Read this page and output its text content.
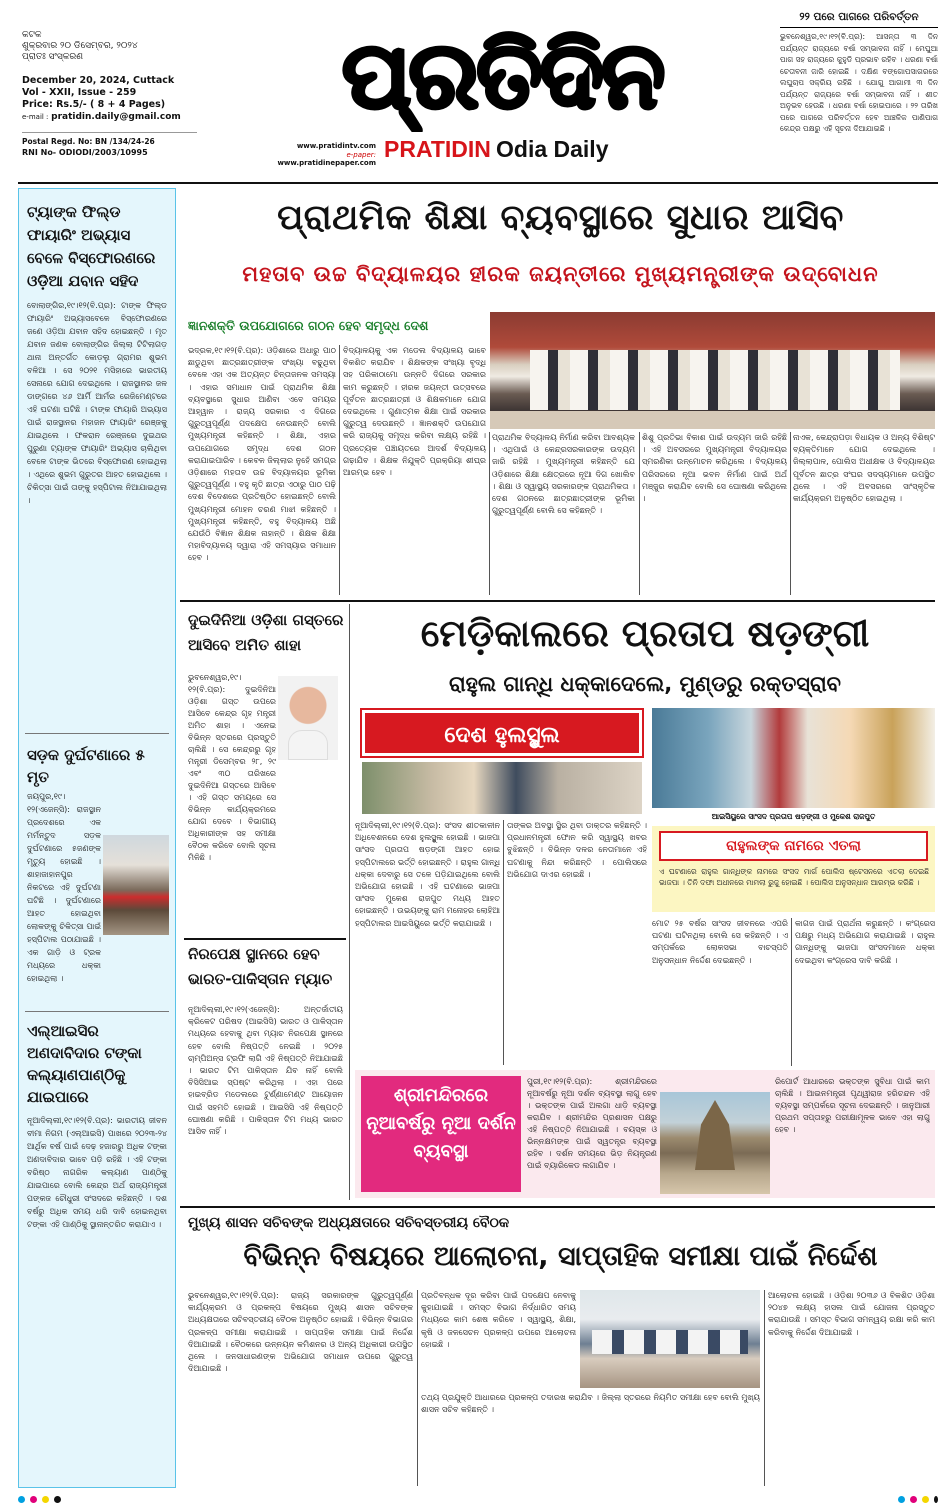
କଟକ
ଶୁକ୍ରବାର ୨୦ ଡିସେମ୍ବର, ୨୦୨୪
ପ୍ରାତଃ ସଂସ୍କରଣ
December 20, 2024, Cuttack
Vol - XXII, Issue - 259
Price: Rs.5/- ( 8 + 4 Pages)
e-mail : pratidin.daily@gmail.com
Postal Regd. No: BN /134/24-26
RNI No- ODIODI/2003/10995
ପ୍ରତିଦିନ
www.pratidintv.com
e-paper:
www.pratidinepaper.com
PRATIDIN Odia Daily
୨୨ ପରେ ପାଗରେ ପରିବର୍ତ୍ତନ
ଭୁବନେଶ୍ୱର,୧୯।୧୨(ବି.ପ୍ର): ଆସନ୍ତା ୩ ଦିନ ପର୍ଯ୍ୟନ୍ତ ରାଜ୍ୟରେ ବର୍ଷା ସମ୍ଭାବନା ନାହିଁ । ମେଘୁଆ ପାଗ ସହ ରାଜ୍ୟରେ କୁହୁଡି ପ୍ରଭାବ ରହିବ । ଧରଣା ବର୍ଷା ଚେତାବନୀ ଜାରି ହୋଇଛି । ଦକ୍ଷିଣ ବଙ୍ଗୋପସାଗରରେ ଲଘୁଚାପ ସକ୍ରିୟ ରହିଛି । ଯୋଗୁ ଆଗାମୀ ୩ ଦିନ ପର୍ଯ୍ୟନ୍ତ ରାଜ୍ୟରେ ବର୍ଷା ସମ୍ଭାବନା ନାହିଁ । ଶୀତ ଅନୁଭବ ହେଉଛି । ଧରଣା ବର୍ଷା ହୋଇପାରେ । ୨୨ ତାରିଖ ପରେ ପାଗରେ ପରିବର୍ତ୍ତନ ହେବ ଆଞ୍ଚଳିକ ପାଣିପାଗ କେନ୍ଦ୍ର ପକ୍ଷରୁ ଏହି ସୂଚନା ଦିଆଯାଇଛି ।
ଟ୍ୟାଙ୍କ ଫିଲ୍ଡ ଫାୟାରିଂ ଅଭ୍ୟାସ ବେଳେ ବିସ୍ଫୋରଣରେ ଓଡ଼ିଆ ଯବାନ ସହିଦ
ବୋଲାଙ୍ଗିର,୧୯।୧୨(ବି.ପ୍ର): ଟାଙ୍କ ଫିଲ୍ଡ ଫାୟାରିଂ ଅଭ୍ୟାସବେଳେ ବିସ୍ଫୋରଣରେ ଜଣେ ଓଡ଼ିଆ ଯବାନ ସହିଦ ହୋଇଛନ୍ତି । ମୃତ ଯବାନ ଜଣକ ବୋଲାଙ୍ଗିର ଜିଲ୍ଲା ଟିଟିଲାଗଡ଼ ଥାନା ଅନ୍ତର୍ଗତ କୋଡ଼ଲୁ ଗ୍ରାମର ଶୁଭମ ବଳିଆ । ସେ ୨୦୨୧ ମସିହାରେ ଭାରତୀୟ ସେନାରେ ଯୋଗ ଦେଇଥିଲେ । ରାଜସ୍ଥାନର ଜଳ ଡାଙ୍ଗରେ ୪୬ ଆର୍ମି ଆର୍ମର ରେଜିମେଣ୍ଟରେ ଏହି ଘଟଣା ଘଟିଛି । ଟାଙ୍କ ଫାୟାରି ଅଭ୍ୟାସ ପାଇଁ ରାଜସ୍ଥାନର ମହାଜନ ଫାୟାରିଂ ରେଞ୍ଜକୁ ଯାଇଥିଲେ । ଫକରାନ ରେଞ୍ଜରେ ଦୁଇଥର ପୁରୁଣା ଟ୍ୟାଙ୍କ ଫାୟାରିଂ ଅଭ୍ୟାସ ଚାଲିଥିବା ବେଳେ ଟାଙ୍କ ଭିତରେ ବିସ୍ଫୋରଣ ହୋଇଥିଲା । ଏଥିରେ ଶୁଭମ ଗୁରୁତର ଆହତ ହୋଇଥିଲେ । ଚିକିତ୍ସା ପାଇଁ ତାଙ୍କୁ ହସ୍ପିଟାଲ ନିଆଯାଇଥିଲା ।
ସଡ଼କ ଦୁର୍ଘଟଣାରେ ୫ ମୃତ
ଜୟପୁର,୧୯।୧୨(ଏଜେନ୍ସି): ରାଜସ୍ଥାନ ପ୍ରଦେଶରେ ଏକ ମର୍ମନ୍ତୁଦ ସଡ଼କ ଦୁର୍ଘଟଣାରେ ୫ଜଣଙ୍କ ମୃତ୍ୟୁ ହୋଇଛି । ଶାହାଜାହାନପୁର ନିକଟରେ ଏହି ଦୁର୍ଘଟଣା ଘଟିଛି । ଦୁର୍ଘଟଣାରେ ଆହତ ହୋଇଥିବା ଲୋକଙ୍କୁ ଚିକିତ୍ସା ପାଇଁ ହସ୍ପିଟାଲ ପଠାଯାଇଛି । ଏକ ଗାଡ଼ି ଓ ଟ୍ରକ ମଧ୍ୟରେ ଧକ୍କା ହୋଇଥିଲା ।
ଏଲ୍ଆଇସିର ଅଣଦାବିଦାର ଟଙ୍କା କଲ୍ୟାଣପାଣ୍ଠିକୁ ଯାଇପାରେ
ନୂଆଦିଲ୍ଲୀ,୧୯।୧୨(ବି.ପ୍ର): ଭାରତୀୟ ଜୀବନ ବୀମା ନିଗମ (ଏଲ୍ଆଇସି) ପାଖରେ ୨୦୨୩-୨୪ ଆର୍ଥିକ ବର୍ଷ ପାଇଁ ଦେଢ଼ ହଜାରରୁ ଅଧିକ ଟଙ୍କା ଅଣଦାବିଦାର ଭାବେ ପଡ଼ି ରହିଛି । ଏହି ଟଙ୍କା ବରିଷ୍ଠ ନାଗରିକ କଲ୍ୟାଣ ପାଣ୍ଠିକୁ ଯାଇପାରେ ବୋଲି କେନ୍ଦ୍ର ଅର୍ଥ ରାଜ୍ୟମନ୍ତ୍ରୀ ପଙ୍କଜ ଚୌଧୁରୀ ସଂସଦରେ କହିଛନ୍ତି । ଦଶ ବର୍ଷରୁ ଅଧିକ ସମୟ ଧରି ଦାବି ହୋଇନଥିବା ଟଙ୍କା ଏହି ପାଣ୍ଠିକୁ ସ୍ଥାନାନ୍ତରିତ କରାଯାଏ ।
ପ୍ରାଥମିକ ଶିକ୍ଷା ବ୍ୟବସ୍ଥାରେ ସୁଧାର ଆସିବ
ମହତାବ ଉଚ୍ଚ ବିଦ୍ୟାଳୟର ହୀରକ ଜୟନ୍ତୀରେ ମୁଖ୍ୟମନ୍ତ୍ରୀଙ୍କ ଉଦ୍‌ବୋଧନ
ଜ୍ଞାନଶକ୍ତି ଉପଯୋଗରେ ଗଠନ ହେବ ସମୃଦ୍ଧ ଦେଶ
ଭଦ୍ରକ,୧୯।୧୨(ବି.ପ୍ର): ଓଡ଼ିଶାରେ ଅଧାରୁ ପାଠ ଛାଡୁଥିବା ଛାତ୍ରଛାତ୍ରୀଙ୍କ ସଂଖ୍ୟା ବଢୁଥିବା ବେଳେ ଏହା ଏକ ଅତ୍ୟନ୍ତ ଚିନ୍ତାଜନକ ସମସ୍ୟା । ଏହାର ସମାଧାନ ପାଇଁ ପ୍ରାଥମିକ ଶିକ୍ଷା ବ୍ୟବସ୍ଥାରେ ସୁଧାର ଆଣିବା ଏବେ ସମୟର ଆହ୍ୱାନ । ରାଜ୍ୟ ସରକାର ଏ ଦିଗରେ ଗୁରୁତ୍ୱପୂର୍ଣ୍ଣ ପଦକ୍ଷେପ ନେଉଛନ୍ତି ବୋଲି ମୁଖ୍ୟମନ୍ତ୍ରୀ କହିଛନ୍ତି । ଶିକ୍ଷା, ଏହାର ଉପଯୋଗରେ ସମୃଦ୍ଧ ଦେଶ ଗଠନ କରାଯାଇପାରିବ । କେବଳ ଜିଲ୍ଲାର ନୁହେଁ ସମଗ୍ର ଓଡ଼ିଶାରେ ମହତାବ ଉଚ୍ଚ ବିଦ୍ୟାଳୟର ଭୂମିକା ଗୁରୁତ୍ୱପୂର୍ଣ୍ଣ । ବହୁ କୃତି ଛାତ୍ର ଏଠାରୁ ପାଠ ପଢ଼ି ଦେଶ ବିଦେଶରେ ପ୍ରତିଷ୍ଠିତ ହୋଇଛନ୍ତି ବୋଲି ମୁଖ୍ୟମନ୍ତ୍ରୀ ମୋହନ ଚରଣ ମାଝୀ କହିଛନ୍ତି । ମୁଖ୍ୟମନ୍ତ୍ରୀ କହିଛନ୍ତି, ବହୁ ବିଦ୍ୟାଳୟ ଅଛି ଯେଉଁଠି ବିଜ୍ଞାନ ଶିକ୍ଷକ ନାହାନ୍ତି । ଶିକ୍ଷକ ଶିକ୍ଷା ମହାବିଦ୍ୟାଳୟ ଦ୍ୱାରା ଏହି ସମସ୍ୟାର ସମାଧାନ ହେବ ।
ବିଦ୍ୟାଳୟକୁ ଏକ ମଡେଲ ବିଦ୍ୟାଳୟ ଭାବେ ବିକଶିତ କରାଯିବ । ଶିକ୍ଷକଙ୍କ ସଂଖ୍ୟା ବୃଦ୍ଧି ସହ ପରିକାଠାମୋ ଉନ୍ନତି ଦିଗରେ ସରକାର କାମ କରୁଛନ୍ତି । ହୀରକ ଜୟନ୍ତୀ ଉତ୍ସବରେ ପୂର୍ବତନ ଛାତ୍ରଛାତ୍ରୀ ଓ ଶିକ୍ଷକମାନେ ଯୋଗ ଦେଇଥିଲେ । ଗୁଣାତ୍ମକ ଶିକ୍ଷା ପାଇଁ ସରକାର ଗୁରୁତ୍ୱ ଦେଉଛନ୍ତି । ଜ୍ଞାନଶକ୍ତି ଉପଯୋଗ କରି ରାଜ୍ୟକୁ ସମୃଦ୍ଧ କରିବା ଲକ୍ଷ୍ୟ ରହିଛି । ପ୍ରତ୍ୟେକ ପଞ୍ଚାୟତରେ ଆଦର୍ଶ ବିଦ୍ୟାଳୟ ଗଢ଼ାଯିବ । ଶିକ୍ଷକ ନିଯୁକ୍ତି ପ୍ରକ୍ରିୟା ଶୀଘ୍ର ଆରମ୍ଭ ହେବ ।
ପ୍ରାଥମିକ ବିଦ୍ୟାଳୟ ନିର୍ମାଣ କରିବା ଆବଶ୍ୟକ । ଏଥିପାଇଁ ଓ କେନ୍ଦ୍ରସରକାରଙ୍କ ଉଦ୍ୟମ ଜାରି ରହିଛି । ମୁଖ୍ୟମନ୍ତ୍ରୀ କହିଛନ୍ତି ଯେ ଓଡ଼ିଶାରେ ଶିକ୍ଷା କ୍ଷେତ୍ରରେ ନୂଆ ଦିଗ ଖୋଲିବ । ଶିକ୍ଷା ଓ ସ୍ୱାସ୍ଥ୍ୟ ସରକାରଙ୍କ ପ୍ରାଥମିକତା । ଦେଶ ଗଠନରେ ଛାତ୍ରଛାତ୍ରୀଙ୍କ ଭୂମିକା ଗୁରୁତ୍ୱପୂର୍ଣ୍ଣ ବୋଲି ସେ କହିଛନ୍ତି ।
ଶିଶୁ ପ୍ରତିଭା ବିକାଶ ପାଇଁ ଉଦ୍ୟମ ଜାରି ରହିଛି । ଏହି ଅବସରରେ ମୁଖ୍ୟମନ୍ତ୍ରୀ ବିଦ୍ୟାଳୟର ସ୍ମରଣିକା ଉନ୍ମୋଚନ କରିଥିଲେ । ବିଦ୍ୟାଳୟ ପରିସରରେ ନୂଆ ଭବନ ନିର୍ମାଣ ପାଇଁ ଅର୍ଥ ମଞ୍ଜୁର କରାଯିବ ବୋଲି ସେ ଘୋଷଣା କରିଥିଲେ ।
ନାଏକ, କେନ୍ଦ୍ରାପଡ଼ା ବିଧାୟକ ଓ ଅନ୍ୟ ବିଶିଷ୍ଟ ବ୍ୟକ୍ତିମାନେ ଯୋଗ ଦେଇଥିଲେ । ଜିଲ୍ଲାପାଳ, ପୋଲିସ ଅଧୀକ୍ଷକ ଓ ବିଦ୍ୟାଳୟର ପୂର୍ବତନ ଛାତ୍ର ସଂଘର ସଦସ୍ୟମାନେ ଉପସ୍ଥିତ ଥିଲେ । ଏହି ଅବସରରେ ସାଂସ୍କୃତିକ କାର୍ଯ୍ୟକ୍ରମ ଅନୁଷ୍ଠିତ ହୋଇଥିଲା ।
ଦୁଇଦିନିଆ ଓଡ଼ିଶା ଗସ୍ତରେ ଆସିବେ ଅମିତ ଶାହା
ଭୁବନେଶ୍ୱର,୧୯।୧୨(ବି.ପ୍ର): ଦୁଇଦିନିଆ ଓଡ଼ିଶା ଗସ୍ତ ଉପରେ ଆସିବେ କେନ୍ଦ୍ର ଗୃହ ମନ୍ତ୍ରୀ ଅମିତ ଶାହା । ଏନେଇ ବିଭିନ୍ନ ସ୍ତରରେ ପ୍ରସ୍ତୁତି ଚାଲିଛି । ସେ କେନ୍ଦ୍ରରୁ ଗୃହ ମନ୍ତ୍ରୀ ଡିସେମ୍ବର ୨୮, ୨୯ ଏବଂ ୩୦ ତାରିଖରେ ଦୁଇଦିନିଆ ଗସ୍ତରେ ଆସିବେ । ଏହି ଗସ୍ତ ସମୟରେ ସେ ବିଭିନ୍ନ କାର୍ଯ୍ୟକ୍ରମରେ ଯୋଗ ଦେବେ । ବିଭାଗୀୟ ଅଧିକାରୀଙ୍କ ସହ ସମୀକ୍ଷା ବୈଠକ କରିବେ ବୋଲି ସୂଚନା ମିଳିଛି ।
ନିରପେକ୍ଷ ସ୍ଥାନରେ ହେବ ଭାରତ-ପାକିସ୍ତାନ ମ୍ୟାଚ
ନୂଆଦିଲ୍ଲୀ,୧୯।୧୨(ଏଜେନ୍ସି): ଅନ୍ତର୍ଜାତୀୟ କ୍ରିକେଟ ପରିଷଦ (ଆଇସିସି) ଭାରତ ଓ ପାକିସ୍ତାନ ମଧ୍ୟରେ ହେବାକୁ ଥିବା ମ୍ୟାଚ ନିରପେକ୍ଷ ସ୍ଥାନରେ ହେବ ବୋଲି ନିଷ୍ପତ୍ତି ନେଇଛି । ୨୦୨୫ ଚାମ୍ପିଅନ୍ସ ଟ୍ରଫି ଲାଗି ଏହି ନିଷ୍ପତ୍ତି ନିଆଯାଇଛି । ଭାରତ ଟିମ ପାକିସ୍ତାନ ଯିବ ନାହିଁ ବୋଲି ବିସିସିଆଇ ସ୍ପଷ୍ଟ କରିଥିଲା । ଏହା ପରେ ହାଇବ୍ରିଡ ମଡେଲରେ ଟୁର୍ଣ୍ଣାମେଣ୍ଟ ଆୟୋଜନ ପାଇଁ ସହମତି ହୋଇଛି । ଆଇସିସି ଏହି ନିଷ୍ପତ୍ତି ଘୋଷଣା କରିଛି । ପାକିସ୍ତାନ ଟିମ ମଧ୍ୟ ଭାରତ ଆସିବ ନାହିଁ ।
ମେଡ଼ିକାଲରେ ପ୍ରତାପ ଷଡ଼ଙ୍ଗୀ
ରାହୁଲ ଗାନ୍ଧି ଧକ୍କାଦେଲେ, ମୁଣ୍ଡରୁ ରକ୍ତସ୍ରାବ
ଦେଶ ହୁଲସ୍ଥୁଲ
ଆଇସିୟୁରେ ସାଂସଦ ପ୍ରତାପ ଷଡ଼ଙ୍ଗୀ ଓ ମୁକେଶ ରାଜପୁତ
ନୂଆଦିଲ୍ଲୀ,୧୯।୧୨(ବି.ପ୍ର): ସଂସଦ ଶୀତକାଳୀନ ଅଧିବେଶନରେ ଦେଶ ହୁଲସ୍ଥୁଲ ହୋଇଛି । ଭାଜପା ସାଂସଦ ପ୍ରତାପ ଷଡ଼ଙ୍ଗୀ ଆହତ ହୋଇ ହସ୍ପିଟାଲରେ ଭର୍ତ୍ତି ହୋଇଛନ୍ତି । ରାହୁଲ ଗାନ୍ଧି ଧକ୍କା ଦେବାରୁ ସେ ତଳେ ପଡ଼ିଯାଇଥିଲେ ବୋଲି ଅଭିଯୋଗ ହୋଇଛି । ଏହି ଘଟଣାରେ ଭାଜପା ସାଂସଦ ମୁକେଶ ରାଜପୁତ ମଧ୍ୟ ଆହତ ହୋଇଛନ୍ତି । ଉଭୟଙ୍କୁ ରାମ ମନୋହର ଲୋହିଆ ହସ୍ପିଟାଲର ଆଇସିୟୁରେ ଭର୍ତ୍ତି କରାଯାଇଛି ।
ତାଙ୍କର ଅବସ୍ଥା ସ୍ଥିର ଥିବା ଡାକ୍ତର କହିଛନ୍ତି । ପ୍ରଧାନମନ୍ତ୍ରୀ ଫୋନ କରି ସ୍ୱାସ୍ଥ୍ୟ ଖବର ବୁଝିଛନ୍ତି । ବିଭିନ୍ନ ଦଳର ନେତାମାନେ ଏହି ଘଟଣାକୁ ନିନ୍ଦା କରିଛନ୍ତି । ପୋଲିସରେ ଅଭିଯୋଗ ଦାଏର ହୋଇଛି ।
ରାହୁଲଙ୍କ ନାମରେ ଏତଲା
ଏ ଘଟଣାରେ ରାହୁଲ ଗାନ୍ଧିଙ୍କ ନାମରେ ସଂସଦ ମାର୍ଗ ପୋଲିସ ଷ୍ଟେସନରେ ଏତଲା ଦେଇଛି ଭାଜପା । ତିନି ଦଫା ଅଧୀନରେ ମାମଲା ରୁଜୁ ହୋଇଛି । ପୋଲିସ ଅନୁସନ୍ଧାନ ଆରମ୍ଭ କରିଛି ।
ମୋଟ ୨୫ ବର୍ଷର ସାଂସଦ ଜୀବନରେ ଏପରି ଘଟଣା ଘଟିନଥିଲା ବୋଲି ସେ କହିଛନ୍ତି । ଏ ସମ୍ପର୍କରେ ଲୋକସଭା ବାଚସ୍ପତି ଅନୁସନ୍ଧାନ ନିର୍ଦ୍ଦେଶ ଦେଇଛନ୍ତି ।
କାଗଜ ପାଇଁ ପ୍ରାର୍ଥନା କରୁଛନ୍ତି । କଂଗ୍ରେସ ପକ୍ଷରୁ ମଧ୍ୟ ଅଭିଯୋଗ କରାଯାଇଛି । ରାହୁଲ ଗାନ୍ଧିଙ୍କୁ ଭାଜପା ସାଂସଦମାନେ ଧକ୍କା ଦେଇଥିବା କଂଗ୍ରେସ ଦାବି କରିଛି ।
ଶ୍ରୀମନ୍ଦିରରେ ନୂଆବର୍ଷରୁ ନୂଆ ଦର୍ଶନ ବ୍ୟବସ୍ଥା
ପୁରୀ,୧୯।୧୨(ବି.ପ୍ର): ଶ୍ରୀମନ୍ଦିରରେ ନୂଆବର୍ଷରୁ ନୂଆ ଦର୍ଶନ ବ୍ୟବସ୍ଥା ଲାଗୁ ହେବ । ଭକ୍ତଙ୍କ ପାଇଁ ଅଲଗା ଧାଡ଼ି ବ୍ୟବସ୍ଥା କରାଯିବ । ଶ୍ରୀମନ୍ଦିର ପ୍ରଶାସନ ପକ୍ଷରୁ ଏହି ନିଷ୍ପତ୍ତି ନିଆଯାଇଛି । ବୟସ୍କ ଓ ଭିନ୍ନକ୍ଷମଙ୍କ ପାଇଁ ସ୍ୱତନ୍ତ୍ର ବ୍ୟବସ୍ଥା ରହିବ । ଦର୍ଶନ ସମୟରେ ଭିଡ଼ ନିୟନ୍ତ୍ରଣ ପାଇଁ ବ୍ୟାରିକେଡ ଲଗାଯିବ ।
ରିପୋର୍ଟ ଆଧାରରେ ଭକ୍ତଙ୍କ ସୁବିଧା ପାଇଁ କାମ ଚାଲିଛି । ଆଇନମନ୍ତ୍ରୀ ପୃଥ୍ୱୀରାଜ ହରିଚନ୍ଦନ ଏହି ବ୍ୟବସ୍ଥା ସମ୍ପର୍କରେ ସୂଚନା ଦେଇଛନ୍ତି । ଜାନୁଆରୀ ପ୍ରଥମ ସପ୍ତାହରୁ ପରୀକ୍ଷାମୂଳକ ଭାବେ ଏହା ଲାଗୁ ହେବ ।
ମୁଖ୍ୟ ଶାସନ ସଚିବଙ୍କ ଅଧ୍ୟକ୍ଷତାରେ ସଚିବସ୍ତରୀୟ ବୈଠକ
ବିଭିନ୍ନ ବିଷୟରେ ଆଲୋଚନା, ସାପ୍ତାହିକ ସମୀକ୍ଷା ପାଇଁ ନିର୍ଦ୍ଦେଶ
ଭୁବନେଶ୍ୱର,୧୯।୧୨(ବି.ପ୍ର): ରାଜ୍ୟ ସରକାରଙ୍କ ଗୁରୁତ୍ୱପୂର୍ଣ୍ଣ କାର୍ଯ୍ୟକ୍ରମ ଓ ପ୍ରକଳ୍ପ ବିଷୟରେ ମୁଖ୍ୟ ଶାସନ ସଚିବଙ୍କ ଅଧ୍ୟକ୍ଷତାରେ ସଚିବସ୍ତରୀୟ ବୈଠକ ଅନୁଷ୍ଠିତ ହୋଇଛି । ବିଭିନ୍ନ ବିଭାଗର ପ୍ରକଳ୍ପ ସମୀକ୍ଷା କରାଯାଇଛି । ସାପ୍ତାହିକ ସମୀକ୍ଷା ପାଇଁ ନିର୍ଦ୍ଦେଶ ଦିଆଯାଇଛି । ବୈଠକରେ ଉନ୍ନୟନ କମିଶନର ଓ ଅନ୍ୟ ଅଧିକାରୀ ଉପସ୍ଥିତ ଥିଲେ । ଜନସାଧାରଣଙ୍କ ଅଭିଯୋଗ ସମାଧାନ ଉପରେ ଗୁରୁତ୍ୱ ଦିଆଯାଇଛି ।
ପ୍ରତିବନ୍ଧକ ଦୂର କରିବା ପାଇଁ ପଦକ୍ଷେପ ନେବାକୁ କୁହାଯାଇଛି । ସମସ୍ତ ବିଭାଗ ନିର୍ଦ୍ଧାରିତ ସମୟ ମଧ୍ୟରେ କାମ ଶେଷ କରିବେ । ସ୍ୱାସ୍ଥ୍ୟ, ଶିକ୍ଷା, କୃଷି ଓ ଜଳସେଚନ ପ୍ରକଳ୍ପ ଉପରେ ଆଲୋଚନା ହୋଇଛି ।
ତଥ୍ୟ ପ୍ରଯୁକ୍ତି ଆଧାରରେ ପ୍ରକଳ୍ପ ତଦାରଖ କରାଯିବ । ଜିଲ୍ଲା ସ୍ତରରେ ନିୟମିତ ସମୀକ୍ଷା ହେବ ବୋଲି ମୁଖ୍ୟ ଶାସନ ସଚିବ କହିଛନ୍ତି ।
ଆଲୋଚନା ହୋଇଛି । ଓଡ଼ିଶା ୨୦୩୬ ଓ ବିକଶିତ ଓଡ଼ିଶା ୨୦୪୭ ଲକ୍ଷ୍ୟ ହାସଲ ପାଇଁ ଯୋଜନା ପ୍ରସ୍ତୁତ କରାଯାଉଛି । ସମସ୍ତ ବିଭାଗ ସମନ୍ୱୟ ରକ୍ଷା କରି କାମ କରିବାକୁ ନିର୍ଦ୍ଦେଶ ଦିଆଯାଇଛି ।
